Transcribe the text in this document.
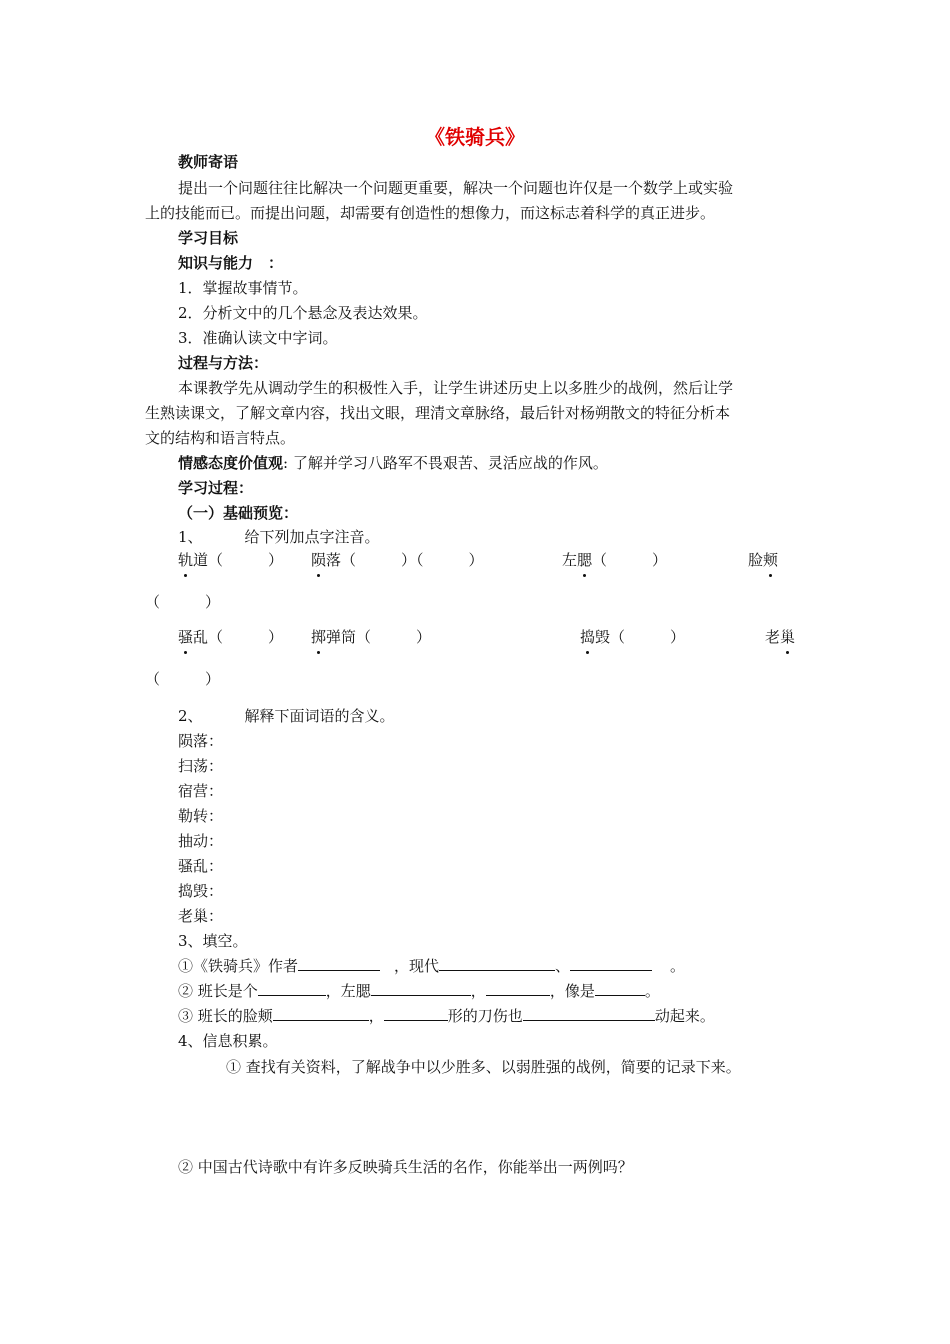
《铁骑兵》
教师寄语
提出一个问题往往比解决一个问题更重要，解决一个问题也许仅是一个数学上或实验
上的技能而已。而提出问题，却需要有创造性的想像力，而这标志着科学的真正进步。
学习目标
知识与能力　：
1．掌握故事情节。
2．分析文中的几个悬念及表达效果。
3．准确认读文中字词。
过程与方法：
本课教学先从调动学生的积极性入手，让学生讲述历史上以多胜少的战例，然后让学
生熟读课文，了解文章内容，找出文眼，理清文章脉络，最后针对杨朔散文的特征分析本
文的结构和语言特点。
情感态度价值观: 了解并学习八路军不畏艰苦、灵活应战的作风。
学习过程：
（一）基础预览：
1、	给下列加点字注音。
轨道（　　　） 陨落（　　　）（　　　）	左腮（　　　）	脸颊
（　　　）
骚乱（　　　） 掷弹筒（　　　）	捣毁（　　　）	老巢
（　　　）
2、	解释下面词语的含义。
陨落：
扫荡：
宿营：
勒转：
抽动：
骚乱：
捣毁：
老巢：
3、填空。
①《铁骑兵》作者	，现代	、	。
② 班长是个	，左腮	，	，像是	。
③ 班长的脸颊	，	形的刀伤也	动起来。
4、信息积累。
① 查找有关资料，了解战争中以少胜多、以弱胜强的战例，简要的记录下来。
② 中国古代诗歌中有许多反映骑兵生活的名作，你能举出一两例吗？
